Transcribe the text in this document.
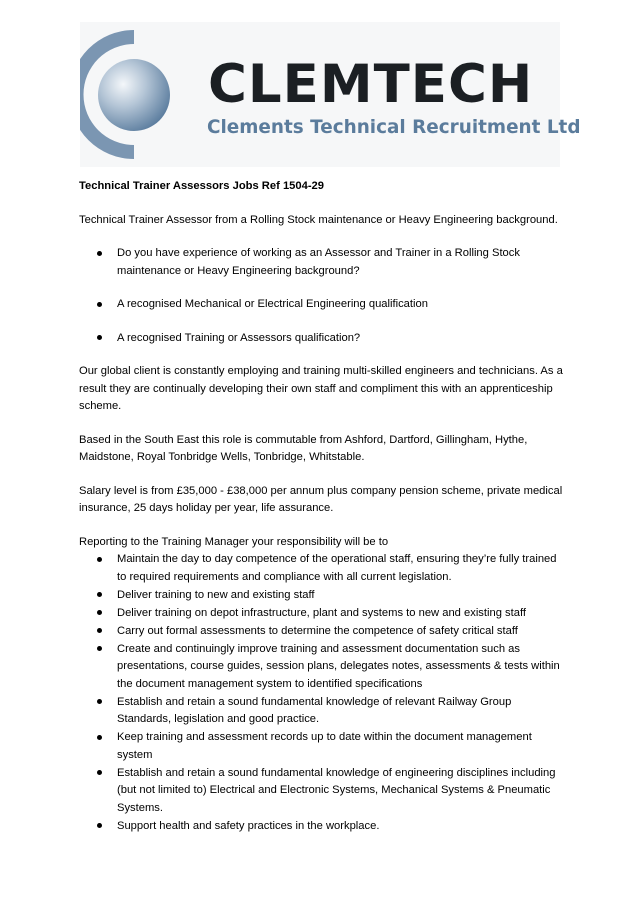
CLEMTECH
Clements Technical Recruitment Ltd

Technical Trainer Assessors Jobs Ref 1504-29

Technical Trainer Assessor from a Rolling Stock maintenance or Heavy Engineering background.

Do you have experience of working as an Assessor and Trainer in a Rolling Stock maintenance or Heavy Engineering background?
A recognised Mechanical or Electrical Engineering qualification
A recognised Training or Assessors qualification?

Our global client is constantly employing and training multi-skilled engineers and technicians. As a result they are continually developing their own staff and compliment this with an apprenticeship scheme.

Based in the South East this role is commutable from Ashford, Dartford, Gillingham, Hythe, Maidstone, Royal Tonbridge Wells, Tonbridge, Whitstable.

Salary level is from £35,000 - £38,000 per annum plus company pension scheme, private medical insurance, 25 days holiday per year, life assurance.

Reporting to the Training Manager your responsibility will be to

Maintain the day to day competence of the operational staff, ensuring they’re fully trained to required requirements and compliance with all current legislation.
Deliver training to new and existing staff
Deliver training on depot infrastructure, plant and systems to new and existing staff
Carry out formal assessments to determine the competence of safety critical staff
Create and continuingly improve training and assessment documentation such as presentations, course guides, session plans, delegates notes, assessments & tests within the document management system to identified specifications
Establish and retain a sound fundamental knowledge of relevant Railway Group Standards, legislation and good practice.
Keep training and assessment records up to date within the document management system
Establish and retain a sound fundamental knowledge of engineering disciplines including (but not limited to) Electrical and Electronic Systems, Mechanical Systems & Pneumatic Systems.
Support health and safety practices in the workplace.
